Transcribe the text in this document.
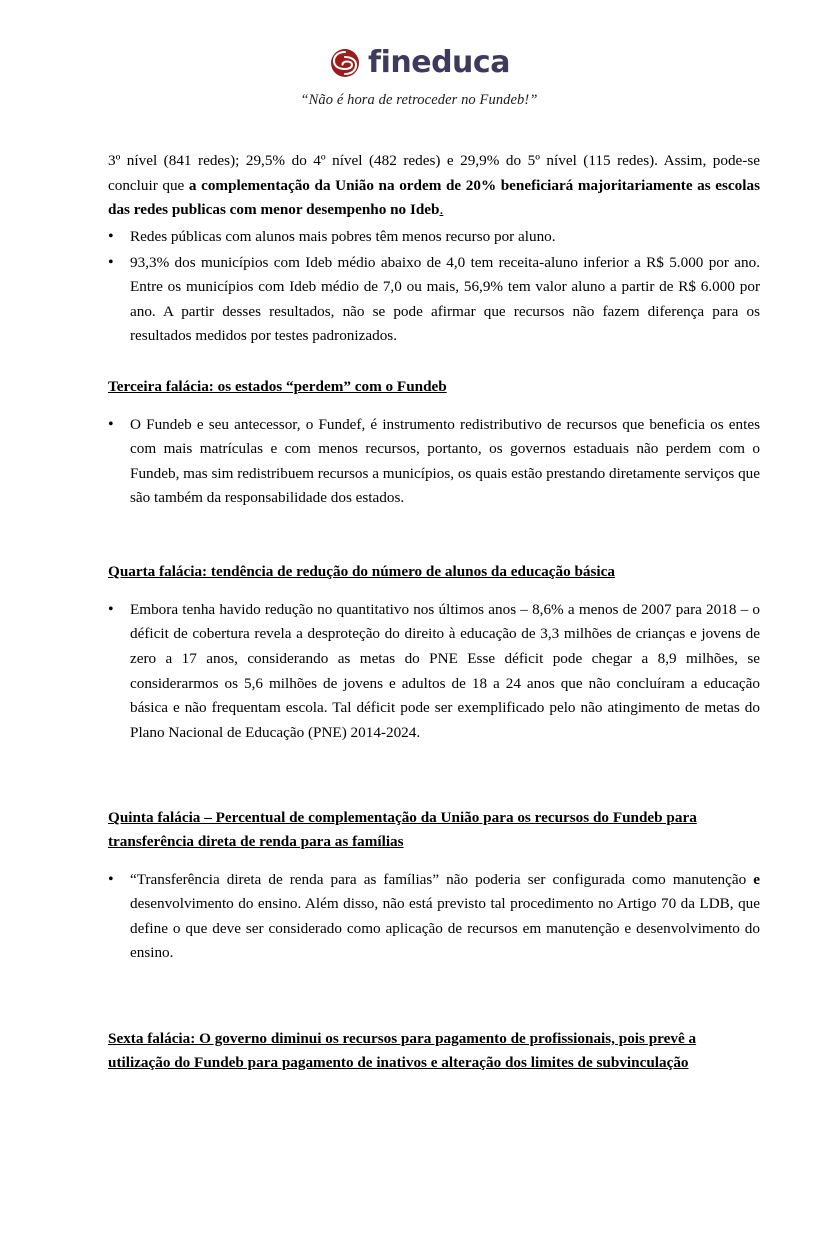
fineduca
“Não é hora de retroceder no Fundeb!”

3º nível (841 redes); 29,5% do 4º nível (482 redes) e 29,9% do 5º nível (115 redes). Assim, pode-se concluir que a complementação da União na ordem de 20% beneficiará majoritariamente as escolas das redes publicas com menor desempenho no Ideb.

• Redes públicas com alunos mais pobres têm menos recurso por aluno.
• 93,3% dos municípios com Ideb médio abaixo de 4,0 tem receita-aluno inferior a R$ 5.000 por ano. Entre os municípios com Ideb médio de 7,0 ou mais, 56,9% tem valor aluno a partir de R$ 6.000 por ano. A partir desses resultados, não se pode afirmar que recursos não fazem diferença para os resultados medidos por testes padronizados.
Terceira falácia: os estados “perdem” com o Fundeb
• O Fundeb e seu antecessor, o Fundef, é instrumento redistributivo de recursos que beneficia os entes com mais matrículas e com menos recursos, portanto, os governos estaduais não perdem com o Fundeb, mas sim redistribuem recursos a municípios, os quais estão prestando diretamente serviços que são também da responsabilidade dos estados.
Quarta falácia: tendência de redução do número de alunos da educação básica
• Embora tenha havido redução no quantitativo nos últimos anos – 8,6% a menos de 2007 para 2018 – o déficit de cobertura revela a desproteção do direito à educação de 3,3 milhões de crianças e jovens de zero a 17 anos, considerando as metas do PNE Esse déficit pode chegar a 8,9 milhões, se considerarmos os 5,6 milhões de jovens e adultos de 18 a 24 anos que não concluíram a educação básica e não frequentam escola. Tal déficit pode ser exemplificado pelo não atingimento de metas do Plano Nacional de Educação (PNE) 2014-2024.
Quinta falácia – Percentual de complementação da União para os recursos do Fundeb para transferência direta de renda para as famílias
• “Transferência direta de renda para as famílias” não poderia ser configurada como manutenção e desenvolvimento do ensino. Além disso, não está previsto tal procedimento no Artigo 70 da LDB, que define o que deve ser considerado como aplicação de recursos em manutenção e desenvolvimento do ensino.
Sexta falácia: O governo diminui os recursos para pagamento de profissionais, pois prevê a utilização do Fundeb para pagamento de inativos e alteração dos limites de subvinculação
